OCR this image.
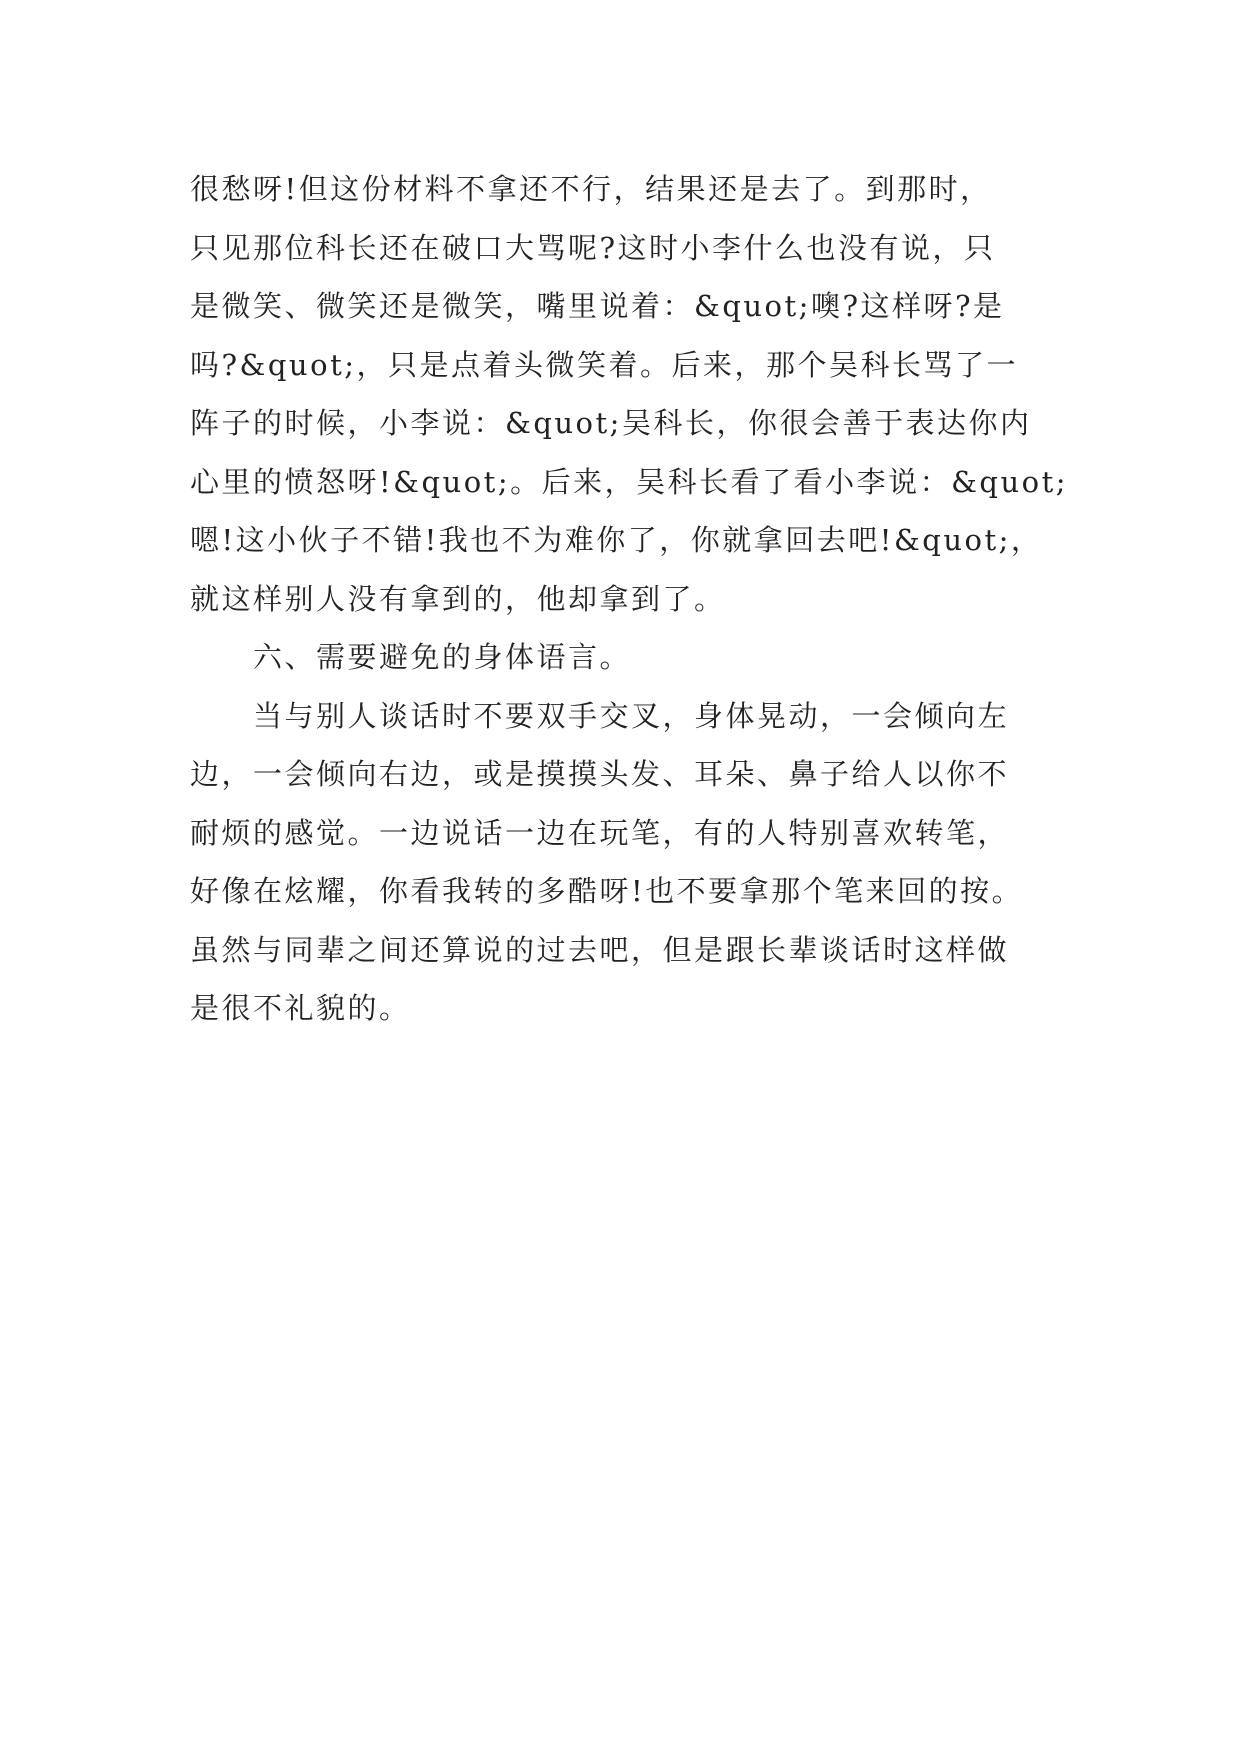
很愁呀!但这份材料不拿还不行，结果还是去了。到那时，
只见那位科长还在破口大骂呢?这时小李什么也没有说，只
是微笑、微笑还是微笑，嘴里说着：&quot;噢?这样呀?是
吗?&quot;，只是点着头微笑着。后来，那个吴科长骂了一
阵子的时候，小李说：&quot;吴科长，你很会善于表达你内
心里的愤怒呀!&quot;。后来，吴科长看了看小李说：&quot;
嗯!这小伙子不错!我也不为难你了，你就拿回去吧!&quot;，
就这样别人没有拿到的，他却拿到了。
六、需要避免的身体语言。
当与别人谈话时不要双手交叉，身体晃动，一会倾向左
边，一会倾向右边，或是摸摸头发、耳朵、鼻子给人以你不
耐烦的感觉。一边说话一边在玩笔，有的人特别喜欢转笔，
好像在炫耀，你看我转的多酷呀!也不要拿那个笔来回的按。
虽然与同辈之间还算说的过去吧，但是跟长辈谈话时这样做
是很不礼貌的。
